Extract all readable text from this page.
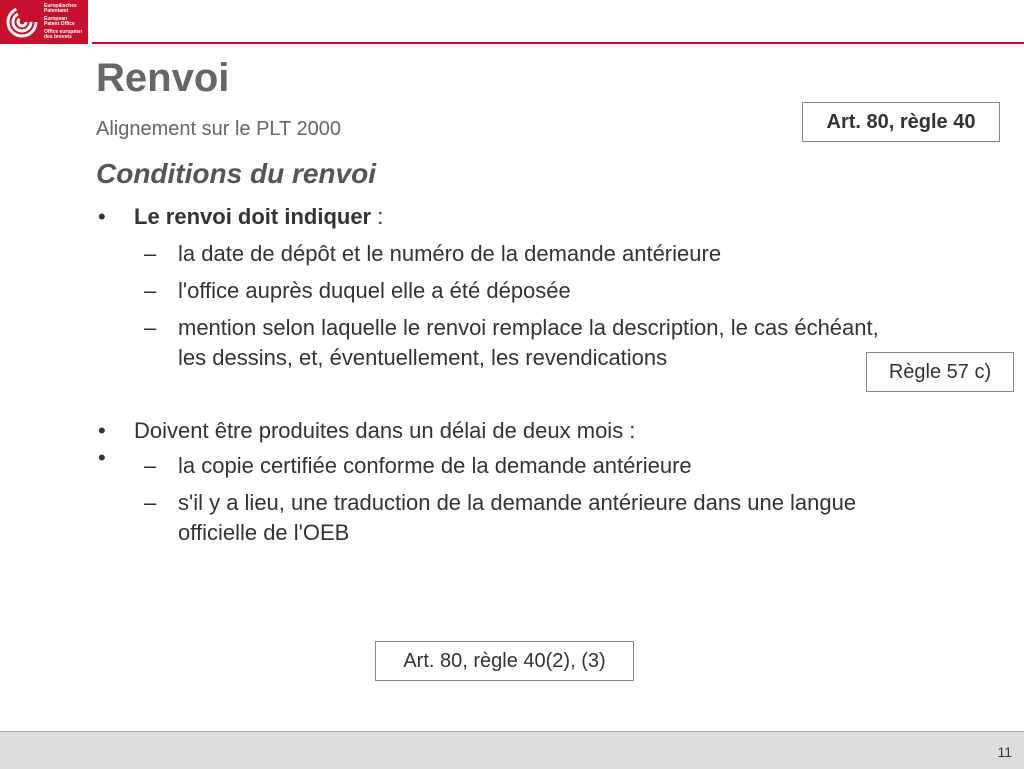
Europäisches
Patentamt
European
Patent Office
Office européen
des brevets
Renvoi
Alignement sur le PLT 2000	Art. 80, règle 40
Conditions du renvoi
• Le renvoi doit indiquer :
– la date de dépôt et le numéro de la demande antérieure
– l'office auprès duquel elle a été déposée
– mention selon laquelle le renvoi remplace la description, le cas échéant, les dessins, et, éventuellement, les revendications
• Doivent être produites dans un délai de deux mois :
• – la copie certifiée conforme de la demande antérieure
– s'il y a lieu, une traduction de la demande antérieure dans une langue officielle de l'OEB
Règle 57 c)
Art. 80, règle 40(2), (3)
11
